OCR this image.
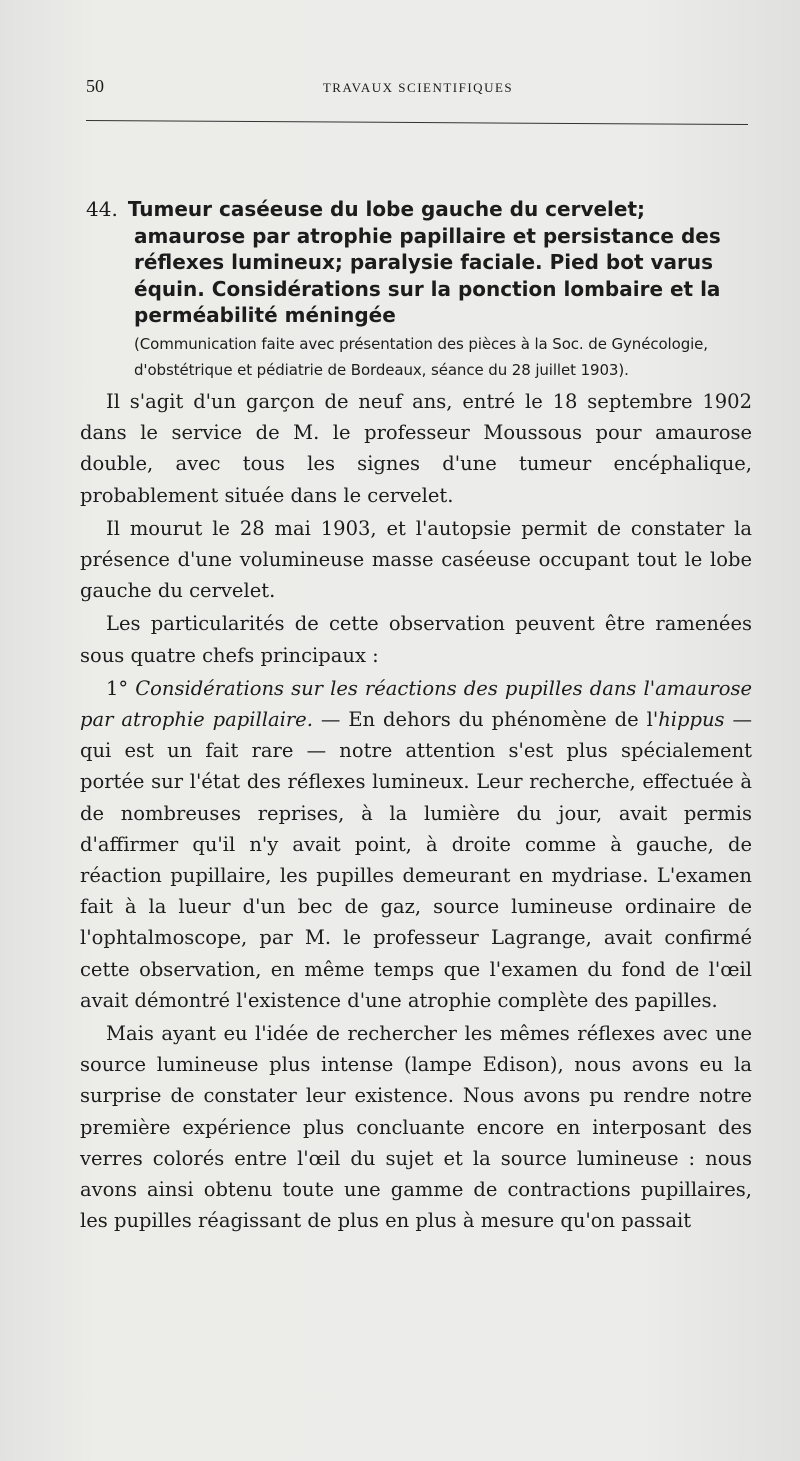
50	TRAVAUX SCIENTIFIQUES
44. Tumeur caséeuse du lobe gauche du cervelet; amaurose par atrophie papillaire et persistance des réflexes lumineux; paralysie faciale. Pied bot varus équin. Considérations sur la ponction lombaire et la perméabilité méningée
(Communication faite avec présentation des pièces à la Soc. de Gynécologie, d'obstétrique et pédiatrie de Bordeaux, séance du 28 juillet 1903).

Il s'agit d'un garçon de neuf ans, entré le 18 septembre 1902 dans le service de M. le professeur Moussous pour amaurose double, avec tous les signes d'une tumeur encéphalique, probablement située dans le cervelet.

Il mourut le 28 mai 1903, et l'autopsie permit de constater la présence d'une volumineuse masse caséeuse occupant tout le lobe gauche du cervelet.

Les particularités de cette observation peuvent être ramenées sous quatre chefs principaux :

1° Considérations sur les réactions des pupilles dans l'amaurose par atrophie papillaire. — En dehors du phénomène de l'hippus — qui est un fait rare — notre attention s'est plus spécialement portée sur l'état des réflexes lumineux. Leur recherche, effectuée à de nombreuses reprises, à la lumière du jour, avait permis d'affirmer qu'il n'y avait point, à droite comme à gauche, de réaction pupillaire, les pupilles demeurant en mydriase. L'examen fait à la lueur d'un bec de gaz, source lumineuse ordinaire de l'ophtalmoscope, par M. le professeur Lagrange, avait confirmé cette observation, en même temps que l'examen du fond de l'œil avait démontré l'existence d'une atrophie complète des papilles.

Mais ayant eu l'idée de rechercher les mêmes réflexes avec une source lumineuse plus intense (lampe Edison), nous avons eu la surprise de constater leur existence. Nous avons pu rendre notre première expérience plus concluante encore en interposant des verres colorés entre l'œil du sujet et la source lumineuse : nous avons ainsi obtenu toute une gamme de contractions pupillaires, les pupilles réagissant de plus en plus à mesure qu'on passait
